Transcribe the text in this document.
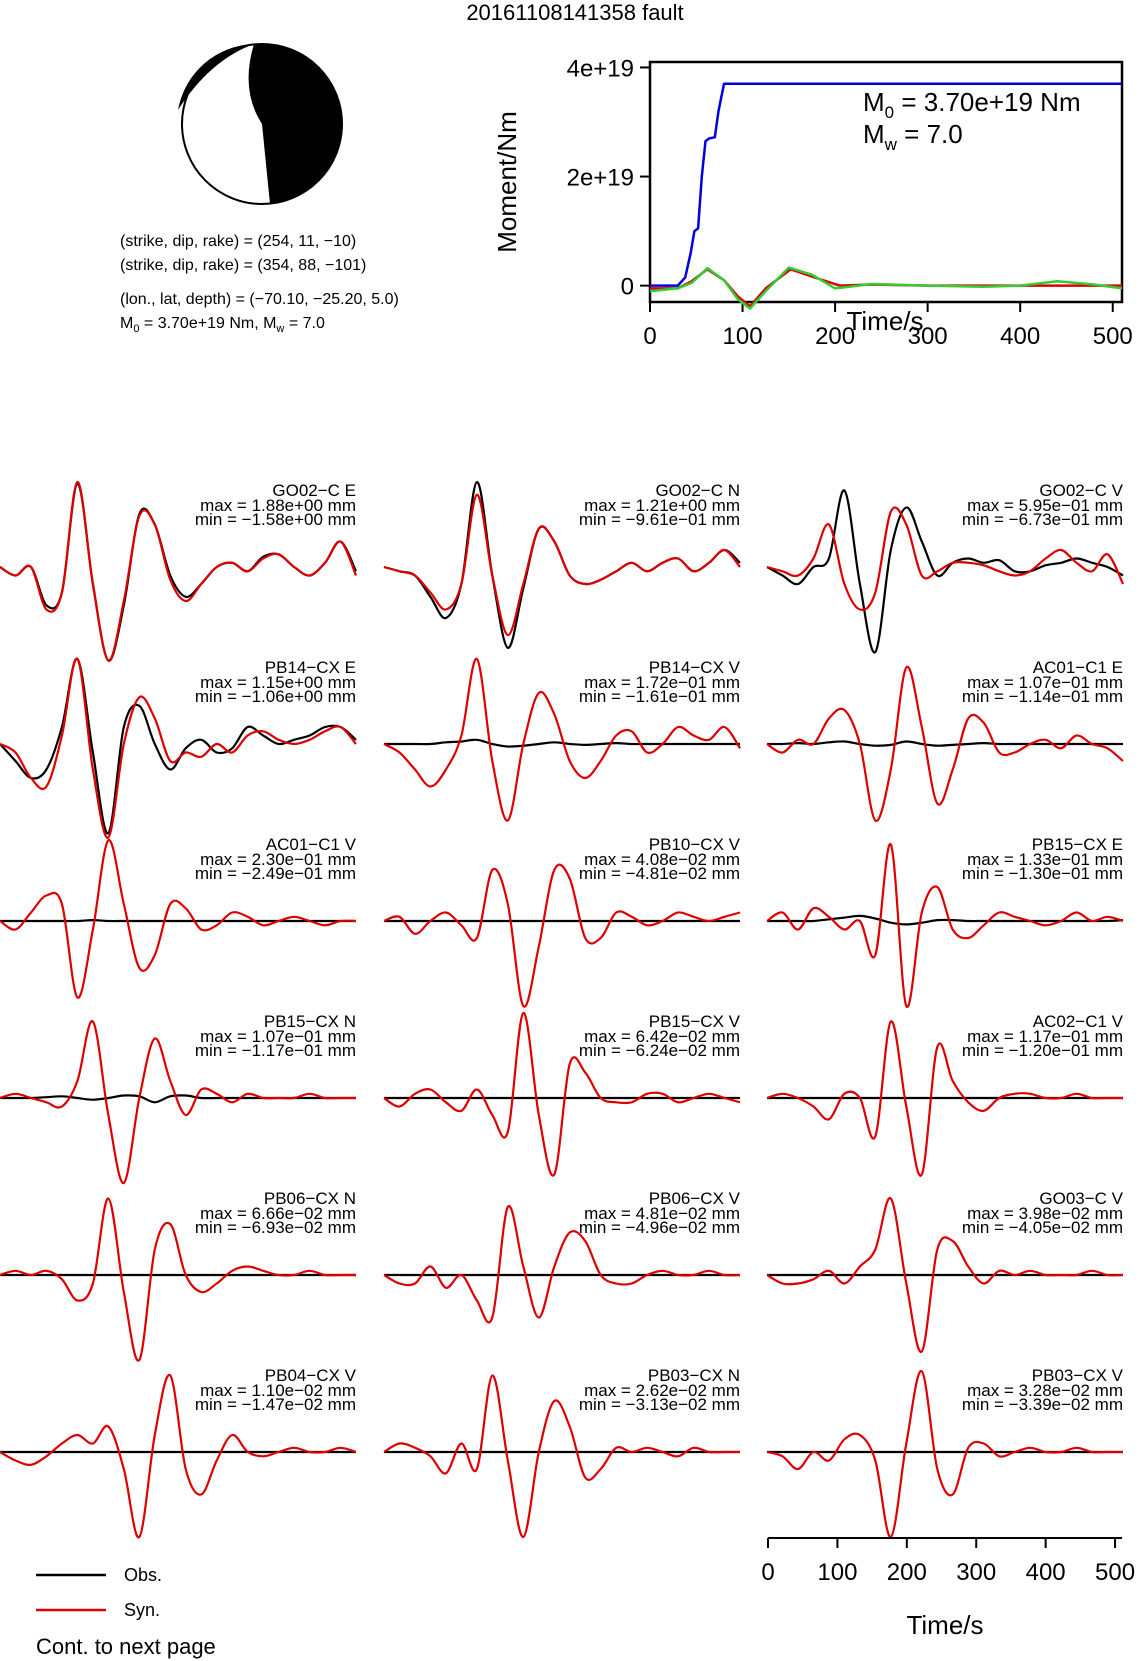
20161108141358 fault
(strike, dip, rake) = (254, 11, −10)
(strike, dip, rake) = (354, 88, −101)
(lon., lat, depth) = (−70.10, −25.20, 5.0)
$M_0 = 3.70e+19$ Nm, $M_w = 7.0$
0
2e+19
4e+19
0	100 200 300 400 500
$M_0 = 3.70e+19$ Nm
$M_w = 7.0$
Time/s
Moment/Nm
GO02−C E
max = 1.88e+00 mm
min = −1.58e+00 mm
GO02−C N
max = 1.21e+00 mm
min = −9.61e−01 mm
GO02−C V
max = 5.95e−01 mm
min = −6.73e−01 mm
PB14−CX E
max = 1.15e+00 mm
min = −1.06e+00 mm
PB14−CX V
max = 1.72e−01 mm
min = −1.61e−01 mm
AC01−C1 E
max = 1.07e−01 mm
min = −1.14e−01 mm
AC01−C1 V
max = 2.30e−01 mm
min = −2.49e−01 mm
PB10−CX V
max = 4.08e−02 mm
min = −4.81e−02 mm
PB15−CX E
max = 1.33e−01 mm
min = −1.30e−01 mm
PB15−CX N
max = 1.07e−01 mm
min = −1.17e−01 mm
PB15−CX V
max = 6.42e−02 mm
min = −6.24e−02 mm
AC02−C1 V
max = 1.17e−01 mm
min = −1.20e−01 mm
PB06−CX N
max = 6.66e−02 mm
min = −6.93e−02 mm
PB06−CX V
max = 4.81e−02 mm
min = −4.96e−02 mm
GO03−C V
max = 3.98e−02 mm
min = −4.05e−02 mm
PB04−CX V
max = 1.10e−02 mm
min = −1.47e−02 mm
PB03−CX N
max = 2.62e−02 mm
min = −3.13e−02 mm
PB03−CX V
max = 3.28e−02 mm
min = −3.39e−02 mm
0 100 200 300 400 500
Time/s
Obs.
Syn.
Cont. to next page
